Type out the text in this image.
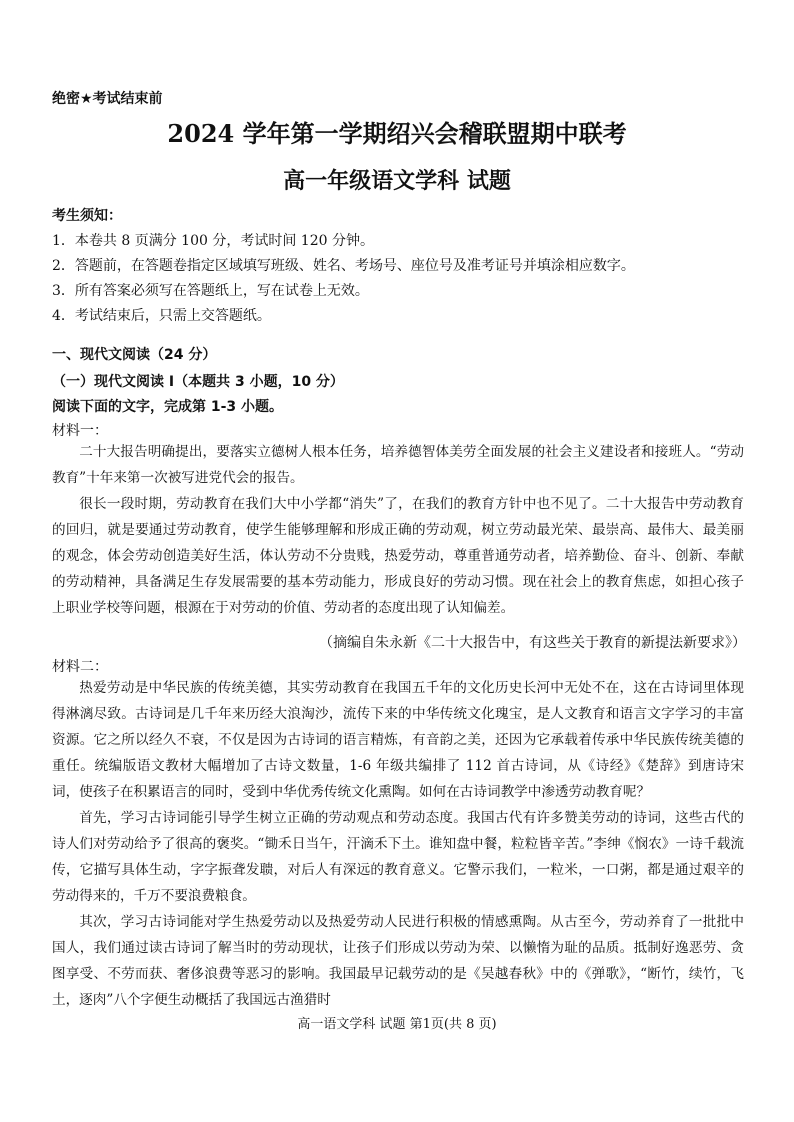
绝密★考试结束前
2024 学年第一学期绍兴会稽联盟期中联考
高一年级语文学科 试题
考生须知：
1．本卷共 8 页满分 100 分，考试时间 120 分钟。
2．答题前，在答题卷指定区域填写班级、姓名、考场号、座位号及准考证号并填涂相应数字。
3．所有答案必须写在答题纸上，写在试卷上无效。
4．考试结束后，只需上交答题纸。
一、现代文阅读（24 分）
（一）现代文阅读 I（本题共 3 小题，10 分）
阅读下面的文字，完成第 1-3 小题。
材料一：

二十大报告明确提出，要落实立德树人根本任务，培养德智体美劳全面发展的社会主义建设者和接班人。“劳动教育”十年来第一次被写进党代会的报告。

很长一段时期，劳动教育在我们大中小学都“消失”了，在我们的教育方针中也不见了。二十大报告中劳动教育的回归，就是要通过劳动教育，使学生能够理解和形成正确的劳动观，树立劳动最光荣、最崇高、最伟大、最美丽的观念，体会劳动创造美好生活，体认劳动不分贵贱，热爱劳动，尊重普通劳动者，培养勤俭、奋斗、创新、奉献的劳动精神，具备满足生存发展需要的基本劳动能力，形成良好的劳动习惯。现在社会上的教育焦虑，如担心孩子上职业学校等问题，根源在于对劳动的价值、劳动者的态度出现了认知偏差。

（摘编自朱永新《二十大报告中，有这些关于教育的新提法新要求》）
材料二：

热爱劳动是中华民族的传统美德，其实劳动教育在我国五千年的文化历史长河中无处不在，这在古诗词里体现得淋漓尽致。古诗词是几千年来历经大浪淘沙，流传下来的中华传统文化瑰宝，是人文教育和语言文字学习的丰富资源。它之所以经久不衰，不仅是因为古诗词的语言精炼，有音韵之美，还因为它承载着传承中华民族传统美德的重任。统编版语文教材大幅增加了古诗文数量，1-6 年级共编排了 112 首古诗词，从《诗经》《楚辞》到唐诗宋词，使孩子在积累语言的同时，受到中华优秀传统文化熏陶。如何在古诗词教学中渗透劳动教育呢？

首先，学习古诗词能引导学生树立正确的劳动观点和劳动态度。我国古代有许多赞美劳动的诗词，这些古代的诗人们对劳动给予了很高的褒奖。“锄禾日当午，汗滴禾下土。谁知盘中餐，粒粒皆辛苦。”李绅《悯农》一诗千载流传，它描写具体生动，字字振聋发聩，对后人有深远的教育意义。它警示我们，一粒米，一口粥，都是通过艰辛的劳动得来的，千万不要浪费粮食。

其次，学习古诗词能对学生热爱劳动以及热爱劳动人民进行积极的情感熏陶。从古至今，劳动养育了一批批中国人，我们通过读古诗词了解当时的劳动现状，让孩子们形成以劳动为荣、以懒惰为耻的品质。抵制好逸恶劳、贪图享受、不劳而获、奢侈浪费等恶习的影响。我国最早记载劳动的是《吴越春秋》中的《弹歌》，“断竹，续竹，飞土，逐肉”八个字便生动概括了我国远古渔猎时

高一语文学科 试题 第1页(共 8 页)
